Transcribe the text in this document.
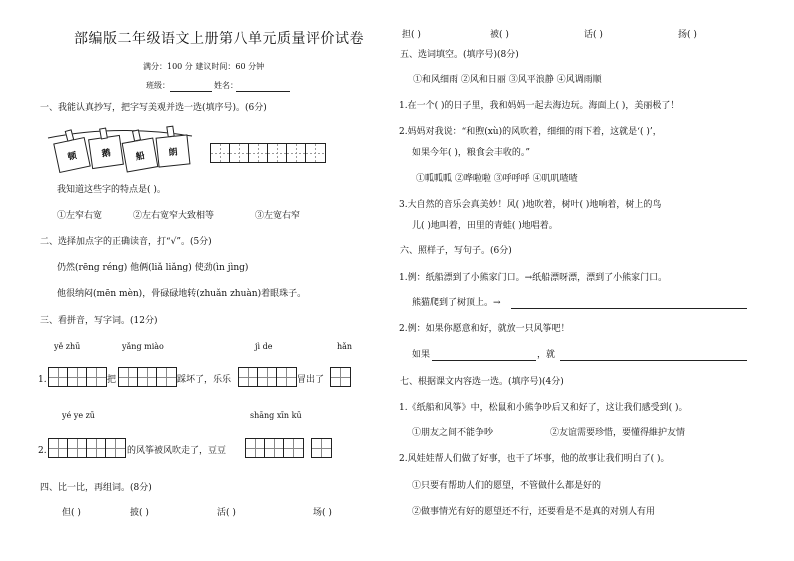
部编版二年级语文上册第八单元质量评价试卷
满分：100 分 建议时间：60 分钟
班级：	姓名：
一、我能认真抄写，把字写美观并选一选(填序号)。(6分)
顿	鹅	船	朗
我知道这些字的特点是( )。
①左窄右宽	②左右宽窄大致相等	③左宽右窄
二、选择加点字的正确读音，打“√”。(5分)
仍然(rēng réng) 他俩(liǎ liǎng) 使劲(ìn jìng)
他很纳闷(mēn mèn)，骨碌碌地转(zhuǎn zhuàn)着眼珠子。
三、看拼音，写字词。(12分)
yě zhū	yǎng miào	jì de	hǎn
1.	把	踩坏了，乐乐	冒出了
yé ye zū	shāng xīn kū
2.	的风筝被风吹走了，豆豆
四、比一比，再组词。(8分)
但( )	披( )	活( )	场( )
担( )	被( )	话( )	扬( )
五、选词填空。(填序号)(8分)
①和风细雨 ②风和日丽 ③风平浪静 ④风调雨顺
1.在一个( )的日子里，我和妈妈一起去海边玩。海面上( )，美丽极了！
2.妈妈对我说：“和煦(xù)的风吹着，细细的雨下着，这就是‘( )’，
如果今年( )，粮食会丰收的。”
①呱呱呱 ②哗啦啦 ③呼呼呼 ④叽叽喳喳
3.大自然的音乐会真美妙！风( )地吹着，树叶( )地响着，树上的鸟
儿( )地叫着，田里的青蛙( )地唱着。
六、照样子，写句子。(6分)
1.例：纸船漂到了小熊家门口。→纸船漂呀漂，漂到了小熊家门口。
熊猫爬到了树顶上。→
2.例：如果你愿意和好，就放一只风筝吧！
如果	，就
七、根据课文内容选一选。(填序号)(4分)
1.《纸船和风筝》中，松鼠和小熊争吵后又和好了，这让我们感受到( )。
①朋友之间不能争吵	②友谊需要珍惜，要懂得維护友情
2.风娃娃帮人们做了好事，也干了坏事，他的故事让我们明白了( )。
①只要有帮助人们的愿望，不管做什么都是好的
②做事情光有好的愿望还不行，还要看是不是真的对别人有用
